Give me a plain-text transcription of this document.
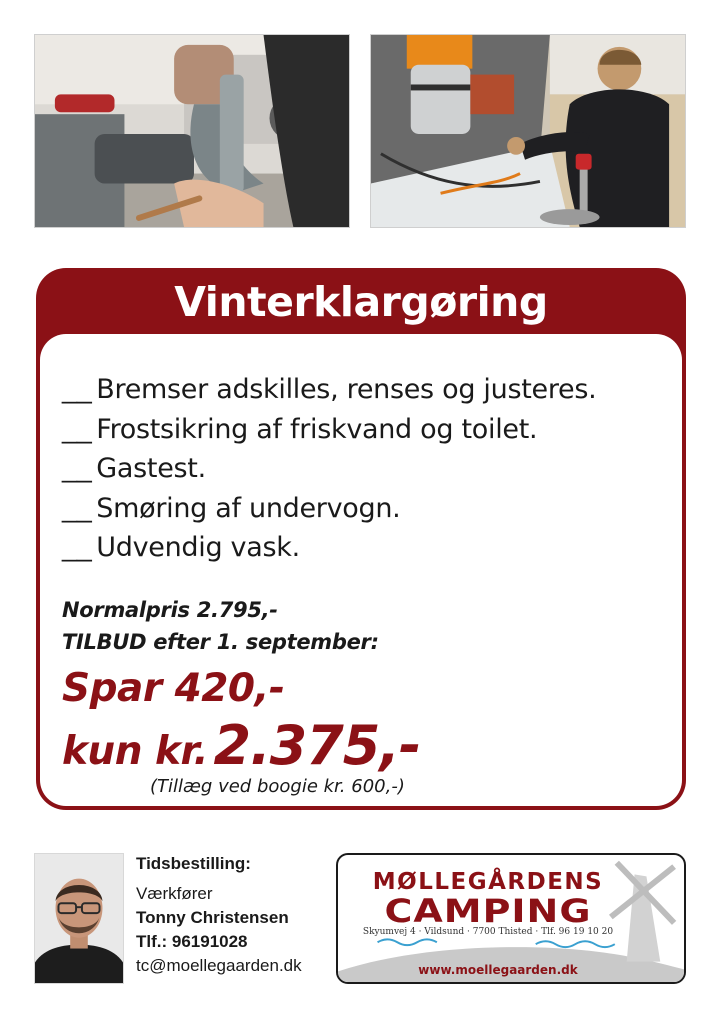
Vinterklargøring
__ Bremser adskilles, renses og justeres.
__ Frostsikring af friskvand og toilet.
__ Gastest.
__ Smøring af undervogn.
__ Udvendig vask.
Normalpris 2.795,-
TILBUD efter 1. september:
Spar 420,-
kun kr. 2.375,-
(Tillæg ved boogie kr. 600,-)
Tidsbestilling:
Værkfører
Tonny Christensen
Tlf.: 96191028
tc@moellegaarden.dk
MØLLEGÅRDENS
CAMPING
Skyumvej 4 · Vildsund · 7700 Thisted · Tlf. 96 19 10 20
www.moellegaarden.dk
